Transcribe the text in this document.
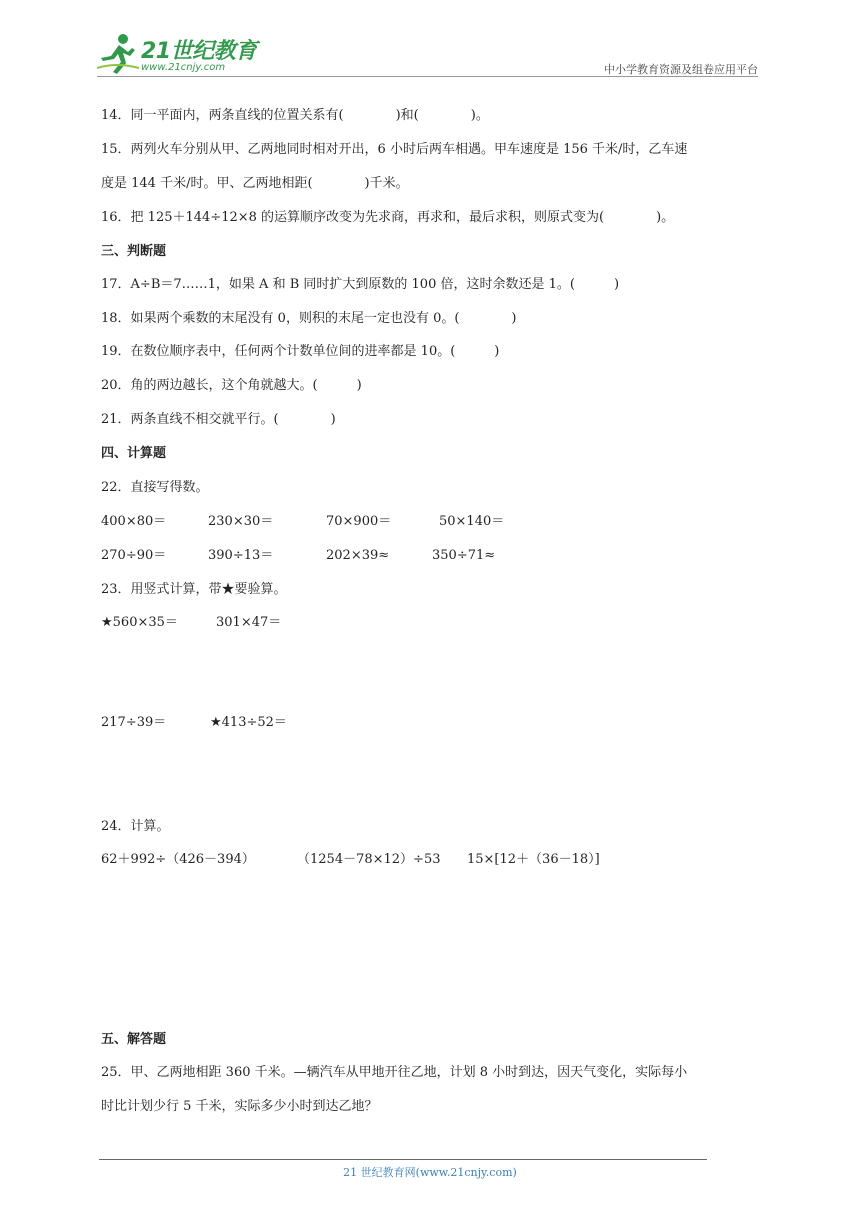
21世纪教育
www.21cnjy.com	中小学教育资源及组卷应用平台
14．同一平面内，两条直线的位置关系有(　　　　)和(　　　　)。
15．两列火车分别从甲、乙两地同时相对开出，6 小时后两车相遇。甲车速度是 156 千米/时，乙车速
度是 144 千米/时。甲、乙两地相距(　　　　)千米。
16．把 125＋144÷12×8 的运算顺序改变为先求商，再求和，最后求积，则原式变为(　　　　)。
三、判断题
17．A÷B＝7……1，如果 A 和 B 同时扩大到原数的 100 倍，这时余数还是 1。(　　　)
18．如果两个乘数的末尾没有 0，则积的末尾一定也没有 0。(　　　　)
19．在数位顺序表中，任何两个计数单位间的进率都是 10。(　　　)
20．角的两边越长，这个角就越大。(　　　)
21．两条直线不相交就平行。(　　　　)
四、计算题
22．直接写得数。
400×80＝	230×30＝	70×900＝	50×140＝
270÷90＝	390÷13＝	202×39≈	350÷71≈
23．用竖式计算，带★要验算。
★560×35＝	301×47＝
217÷39＝	★413÷52＝
24．计算。
62＋992÷（426－394）	（1254－78×12）÷53 15×[12＋（36－18）]
五、解答题
25．甲、乙两地相距 360 千米。—辆汽车从甲地开往乙地，计划 8 小时到达，因天气变化，实际每小
时比计划少行 5 千米，实际多少小时到达乙地？
21 世纪教育网(www.21cnjy.com)
